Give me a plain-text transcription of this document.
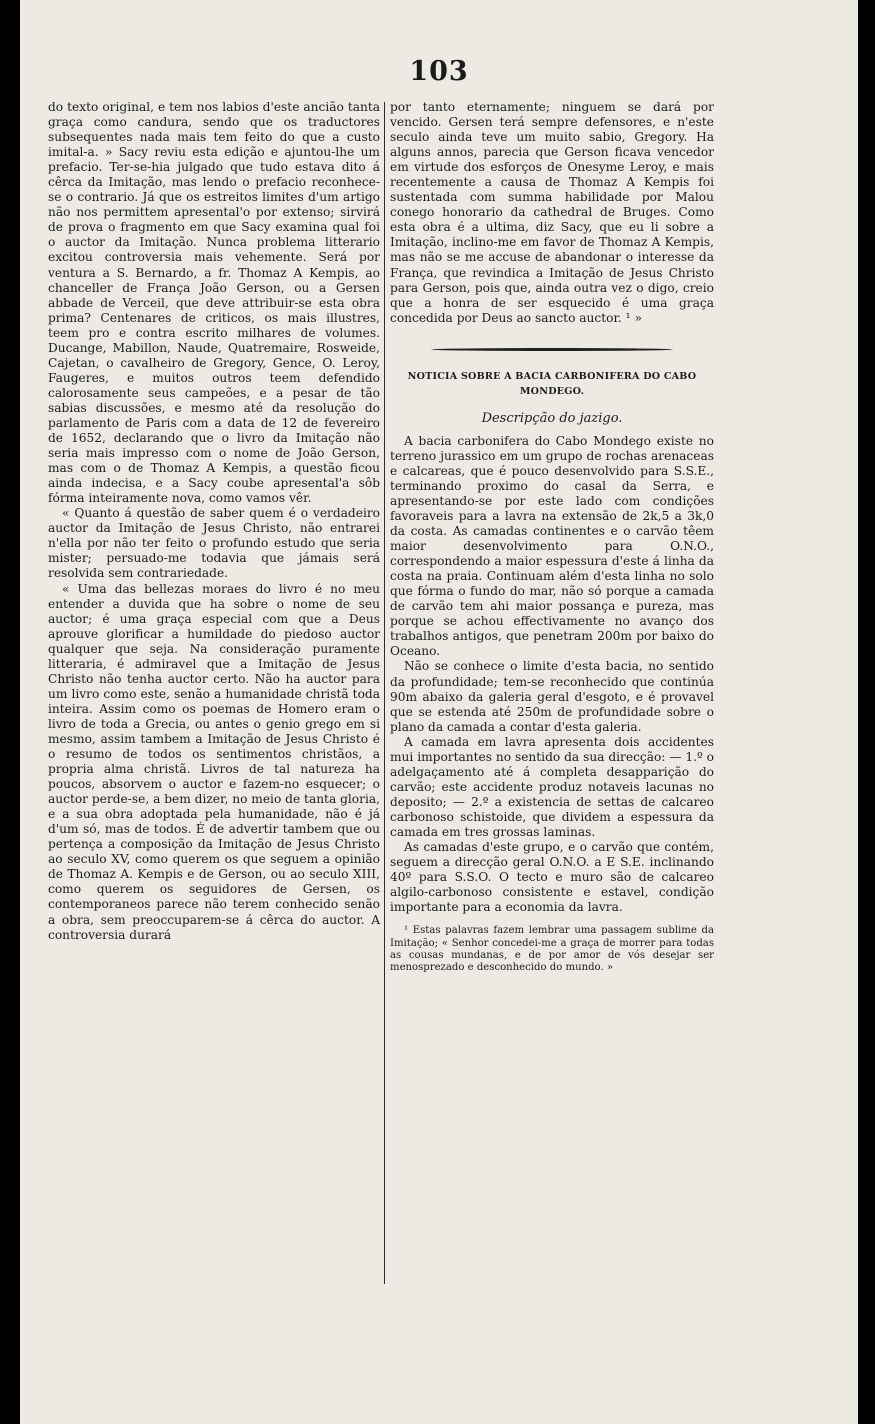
103

do texto original, e tem nos labios d'este ancião tanta graça como candura, sendo que os traductores subsequentes nada mais tem feito do que a custo imital-a. » Sacy reviu esta edição e ajuntou-lhe um prefacio. Ter-se-hia julgado que tudo estava dito á cêrca da Imitação, mas lendo o prefacio reconhece-se o contrario. Já que os estreitos limites d'um artigo não nos permittem apresental'o por extenso; sirvirá de prova o fragmento em que Sacy examina qual foi o auctor da Imitação. Nunca problema litterario excitou controversia mais vehemente. Será por ventura a S. Bernardo, a fr. Thomaz A Kempis, ao chanceller de França João Gerson, ou a Gersen abbade de Verceil, que deve attribuir-se esta obra prima? Centenares de criticos, os mais illustres, teem pro e contra escrito milhares de volumes. Ducange, Mabillon, Naude, Quatremaire, Rosweide, Cajetan, o cavalheiro de Gregory, Gence, O. Leroy, Faugeres, e muitos outros teem defendido calorosamente seus campeões, e a pesar de tão sabias discussões, e mesmo até da resolução do parlamento de Paris com a data de 12 de fevereiro de 1652, declarando que o livro da Imitação não seria mais impresso com o nome de João Gerson, mas com o de Thomaz A Kempis, a questão ficou ainda indecisa, e a Sacy coube apresental'a sôb fórma inteiramente nova, como vamos vêr.

« Quanto á questão de saber quem é o verdadeiro auctor da Imitação de Jesus Christo, não entrarei n'ella por não ter feito o profundo estudo que seria mister; persuado-me todavia que jámais será resolvida sem contrariedade.

« Uma das bellezas moraes do livro é no meu entender a duvida que ha sobre o nome de seu auctor; é uma graça especial com que a Deus aprouve glorificar a humildade do piedoso auctor qualquer que seja. Na consideração puramente litteraria, é admiravel que a Imitação de Jesus Christo não tenha auctor certo. Não ha auctor para um livro como este, senão a humanidade christã toda inteira. Assim como os poemas de Homero eram o livro de toda a Grecia, ou antes o genio grego em si mesmo, assim tambem a Imitação de Jesus Christo é o resumo de todos os sentimentos christãos, a propria alma christã. Livros de tal natureza ha poucos, absorvem o auctor e fazem-no esquecer; o auctor perde-se, a bem dizer, no meio de tanta gloria, e a sua obra adoptada pela humanidade, não é já d'um só, mas de todos. É de advertir tambem que ou pertença a composição da Imitação de Jesus Christo ao seculo XV, como querem os que seguem a opinião de Thomaz A. Kempis e de Gerson, ou ao seculo XIII, como querem os seguidores de Gersen, os contemporaneos parece não terem conhecido senão a obra, sem preoccuparem-se á cêrca do auctor. A controversia durará

por tanto eternamente; ninguem se dará por vencido. Gersen terá sempre defensores, e n'este seculo ainda teve um muito sabio, Gregory. Ha alguns annos, parecia que Gerson ficava vencedor em virtude dos esforços de Onesyme Leroy, e mais recentemente a causa de Thomaz A Kempis foi sustentada com summa habilidade por Malou conego honorario da cathedral de Bruges. Como esta obra é a ultima, diz Sacy, que eu li sobre a Imitação, inclino-me em favor de Thomaz A Kempis, mas não se me accuse de abandonar o interesse da França, que revindica a Imitação de Jesus Christo para Gerson, pois que, ainda outra vez o digo, creio que a honra de ser esquecido é uma graça concedida por Deus ao sancto auctor. ¹ »

NOTICIA SOBRE A BACIA CARBONIFERA DO CABO MONDEGO.
Descripção do jazigo.

A bacia carbonifera do Cabo Mondego existe no terreno jurassico em um grupo de rochas arenaceas e calcareas, que é pouco desenvolvido para S.S.E., terminando proximo do casal da Serra, e apresentando-se por este lado com condições favoraveis para a lavra na extensão de 2k,5 a 3k,0 da costa. As camadas continentes e o carvão têem maior desenvolvimento para O.N.O., correspondendo a maior espessura d'este á linha da costa na praia. Continuam além d'esta linha no solo que fórma o fundo do mar, não só porque a camada de carvão tem ahi maior possança e pureza, mas porque se achou effectivamente no avanço dos trabalhos antigos, que penetram 200m por baixo do Oceano.

Não se conhece o limite d'esta bacia, no sentido da profundidade; tem-se reconhecido que continúa 90m abaixo da galeria geral d'esgoto, e é provavel que se estenda até 250m de profundidade sobre o plano da camada a contar d'esta galeria.

A camada em lavra apresenta dois accidentes mui importantes no sentido da sua direcção: — 1.º o adelgaçamento até á completa desapparição do carvão; este accidente produz notaveis lacunas no deposito; — 2.º a existencia de settas de calcareo carbonoso schistoide, que dividem a espessura da camada em tres grossas laminas.

As camadas d'este grupo, e o carvão que contém, seguem a direcção geral O.N.O. a E S.E. inclinando 40º para S.S.O. O tecto e muro são de calcareo algilo-carbonoso consistente e estavel, condição importante para a economia da lavra.

¹ Estas palavras fazem lembrar uma passagem sublime da Imitação; « Senhor concedei-me a graça de morrer para todas as cousas mundanas, e de por amor de vós desejar ser menosprezado e desconhecido do mundo. »
